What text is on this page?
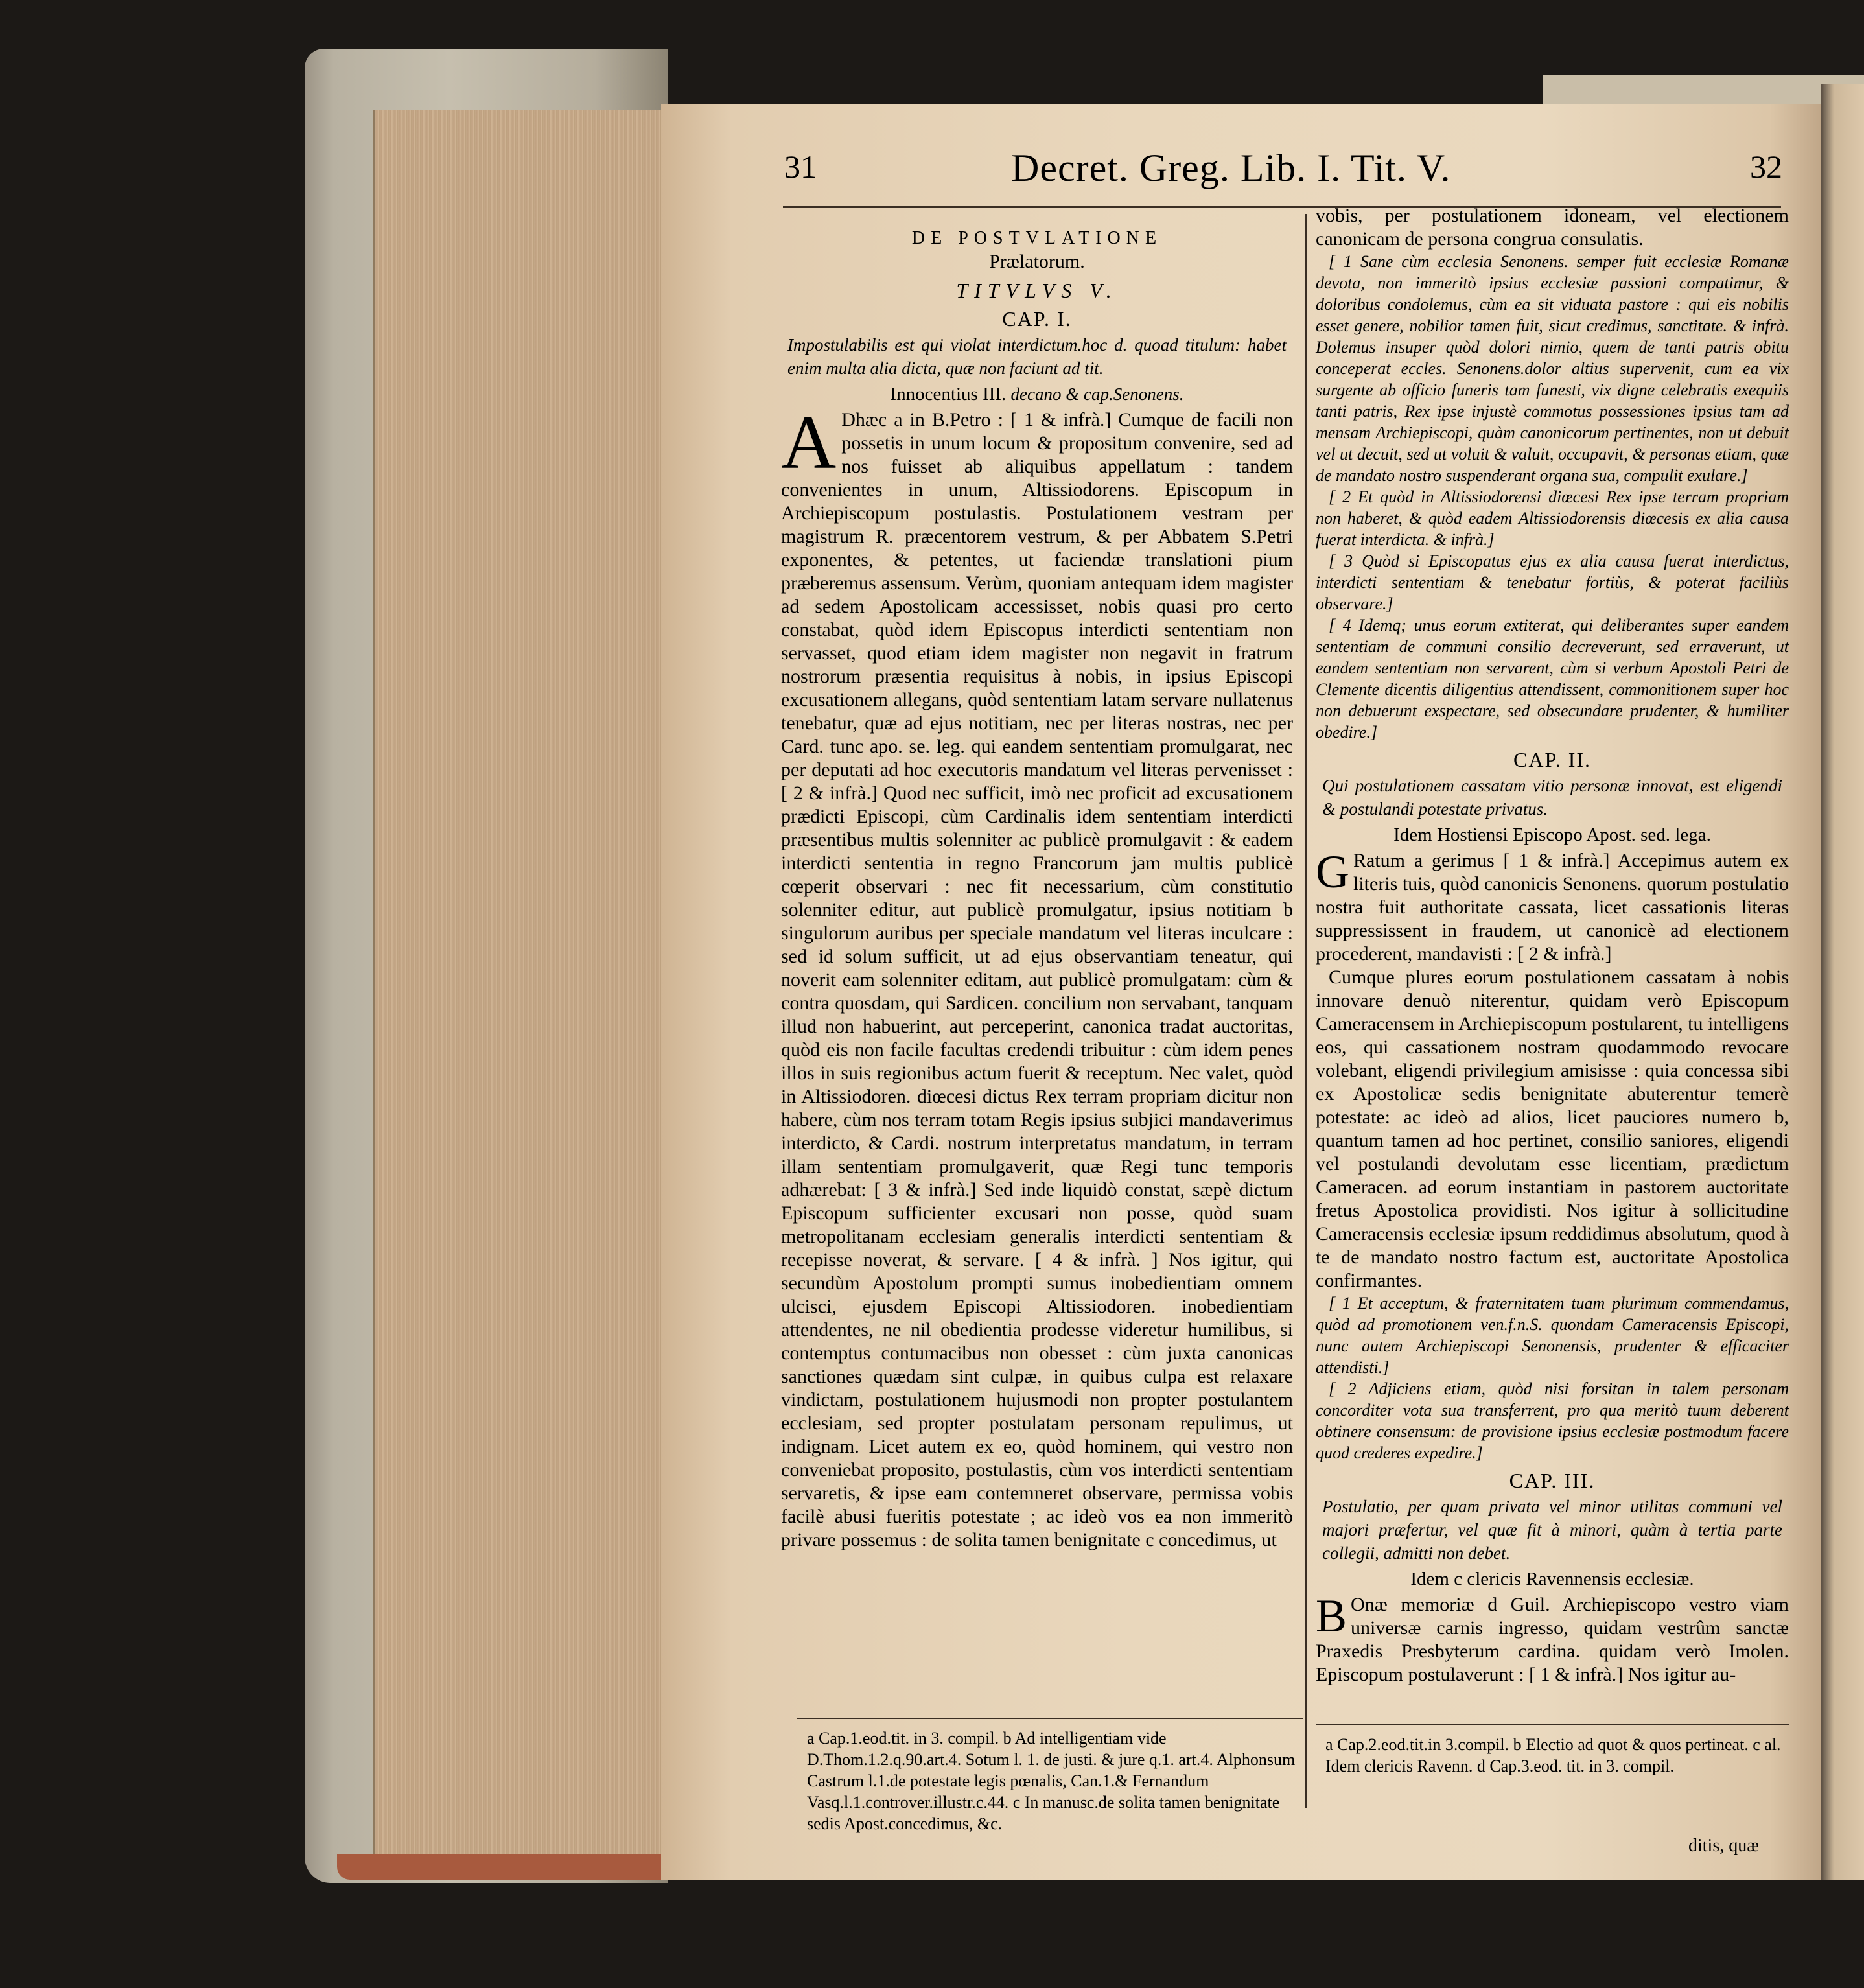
31	Decret. Greg. Lib. I. Tit. V.	32

DE POSTVLATIONE

Prælatorum.

TITVLVS V.

CAP. I.

Impostulabilis est qui violat interdictum.hoc d. quoad titulum: habet enim multa alia dicta, quæ non faciunt ad tit.

Innocentius III. decano & cap.Senonens.

A Dhæc a in B.Petro : [ 1 & infrà.] Cumque de facili non possetis in unum locum & propositum convenire, sed ad nos fuisset ab aliquibus appellatum : tandem convenientes in unum, Altissiodorens. Episcopum in Archiepiscopum postulastis. Postulationem vestram per magistrum R. præcentorem vestrum, & per Abbatem S.Petri exponentes, & petentes, ut faciendæ translationi pium præberemus assensum. Verùm, quoniam antequam idem magister ad sedem Apostolicam accessisset, nobis quasi pro certo constabat, quòd idem Episcopus interdicti sententiam non servasset, quod etiam idem magister non negavit in fratrum nostrorum præsentia requisitus à nobis, in ipsius Episcopi excusationem allegans, quòd sententiam latam servare nullatenus tenebatur, quæ ad ejus notitiam, nec per literas nostras, nec per Card. tunc apo. se. leg. qui eandem sententiam promulgarat, nec per deputati ad hoc executoris mandatum vel literas pervenisset : [ 2 & infrà.] Quod nec sufficit, imò nec proficit ad excusationem prædicti Episcopi, cùm Cardinalis idem sententiam interdicti præsentibus multis solenniter ac publicè promulgavit : & eadem interdicti sententia in regno Francorum jam multis publicè cœperit observari : nec fit necessarium, cùm constitutio solenniter editur, aut publicè promulgatur, ipsius notitiam b singulorum auribus per speciale mandatum vel literas inculcare : sed id solum sufficit, ut ad ejus observantiam teneatur, qui noverit eam solenniter editam, aut publicè promulgatam: cùm & contra quosdam, qui Sardicen. concilium non servabant, tanquam illud non habuerint, aut perceperint, canonica tradat auctoritas, quòd eis non facile facultas credendi tribuitur : cùm idem penes illos in suis regionibus actum fuerit & receptum. Nec valet, quòd in Altissiodoren. diœcesi dictus Rex terram propriam dicitur non habere, cùm nos terram totam Regis ipsius subjici mandaverimus interdicto, & Cardi. nostrum interpretatus mandatum, in terram illam sententiam promulgaverit, quæ Regi tunc temporis adhærebat: [ 3 & infrà.] Sed inde liquidò constat, sæpè dictum Episcopum sufficienter excusari non posse, quòd suam metropolitanam ecclesiam generalis interdicti sententiam & recepisse noverat, & servare. [ 4 & infrà. ] Nos igitur, qui secundùm Apostolum prompti sumus inobedientiam omnem ulcisci, ejusdem Episcopi Altissiodoren. inobedientiam attendentes, ne nil obedientia prodesse videretur humilibus, si contemptus contumacibus non obesset : cùm juxta canonicas sanctiones quædam sint culpæ, in quibus culpa est relaxare vindictam, postulationem hujusmodi non propter postulantem ecclesiam, sed propter postulatam personam repulimus, ut indignam. Licet autem ex eo, quòd hominem, qui vestro non conveniebat proposito, postulastis, cùm vos interdicti sententiam servaretis, & ipse eam contemneret observare, permissa vobis facilè abusi fueritis potestate ; ac ideò vos ea non immeritò privare possemus : de solita tamen benignitate c concedimus, ut

vobis, per postulationem idoneam, vel electionem canonicam de persona congrua consulatis.

[ 1 Sane cùm ecclesia Senonens. semper fuit ecclesiæ Romanæ devota, non immeritò ipsius ecclesiæ passioni compatimur, & doloribus condolemus, cùm ea sit viduata pastore : qui eis nobilis esset genere, nobilior tamen fuit, sicut credimus, sanctitate. & infrà. Dolemus insuper quòd dolori nimio, quem de tanti patris obitu conceperat eccles. Senonens.dolor altius supervenit, cum ea vix surgente ab officio funeris tam funesti, vix digne celebratis exequiis tanti patris, Rex ipse injustè commotus possessiones ipsius tam ad mensam Archiepiscopi, quàm canonicorum pertinentes, non ut debuit vel ut decuit, sed ut voluit & valuit, occupavit, & personas etiam, quæ de mandato nostro suspenderant organa sua, compulit exulare.]

[ 2 Et quòd in Altissiodorensi diœcesi Rex ipse terram propriam non haberet, & quòd eadem Altissiodorensis diœcesis ex alia causa fuerat interdicta. & infrà.]

[ 3 Quòd si Episcopatus ejus ex alia causa fuerat interdictus, interdicti sententiam & tenebatur fortiùs, & poterat faciliùs observare.]

[ 4 Idemq; unus eorum extiterat, qui deliberantes super eandem sententiam de communi consilio decreverunt, sed erraverunt, ut eandem sententiam non servarent, cùm si verbum Apostoli Petri de Clemente dicentis diligentius attendissent, commonitionem super hoc non debuerunt exspectare, sed obsecundare prudenter, & humiliter obedire.]

CAP. II.

Qui postulationem cassatam vitio personæ innovat, est eligendi & postulandi potestate privatus.

Idem Hostiensi Episcopo Apost. sed. lega.

G Ratum a gerimus [ 1 & infrà.] Accepimus autem ex literis tuis, quòd canonicis Senonens. quorum postulatio nostra fuit authoritate cassata, licet cassationis literas suppressissent in fraudem, ut canonicè ad electionem procederent, mandavisti : [ 2 & infrà.]

Cumque plures eorum postulationem cassatam à nobis innovare denuò niterentur, quidam verò Episcopum Cameracensem in Archiepiscopum postularent, tu intelligens eos, qui cassationem nostram quodammodo revocare volebant, eligendi privilegium amisisse : quia concessa sibi ex Apostolicæ sedis benignitate abuterentur temerè potestate: ac ideò ad alios, licet pauciores numero b, quantum tamen ad hoc pertinet, consilio saniores, eligendi vel postulandi devolutam esse licentiam, prædictum Cameracen. ad eorum instantiam in pastorem auctoritate fretus Apostolica providisti. Nos igitur à sollicitudine Cameracensis ecclesiæ ipsum reddidimus absolutum, quod à te de mandato nostro factum est, auctoritate Apostolica confirmantes.

[ 1 Et acceptum, & fraternitatem tuam plurimum commendamus, quòd ad promotionem ven.f.n.S. quondam Cameracensis Episcopi, nunc autem Archiepiscopi Senonensis, prudenter & efficaciter attendisti.]

[ 2 Adjiciens etiam, quòd nisi forsitan in talem personam concorditer vota sua transferrent, pro qua meritò tuum deberent obtinere consensum: de provisione ipsius ecclesiæ postmodum facere quod crederes expedire.]

CAP. III.

Postulatio, per quam privata vel minor utilitas communi vel majori præfertur, vel quæ fit à minori, quàm à tertia parte collegii, admitti non debet.

Idem c clericis Ravennensis ecclesiæ.

B Onæ memoriæ d Guil. Archiepiscopo vestro viam universæ carnis ingresso, quidam vestrûm sanctæ Praxedis Presbyterum cardina. quidam verò Imolen. Episcopum postulaverunt : [ 1 & infrà.] Nos igitur au-

a Cap.1.eod.tit. in 3. compil. b Ad intelligentiam vide D.Thom.1.2.q.90.art.4. Sotum l. 1. de justi. & jure q.1. art.4. Alphonsum Castrum l.1.de potestate legis pœnalis, Can.1.& Fernandum Vasq.l.1.controver.illustr.c.44. c In manusc.de solita tamen benignitate sedis Apost.concedimus, &c.
a Cap.2.eod.tit.in 3.compil. b Electio ad quot & quos pertineat. c al. Idem clericis Ravenn. d Cap.3.eod. tit. in 3. compil.
ditis, quæ
